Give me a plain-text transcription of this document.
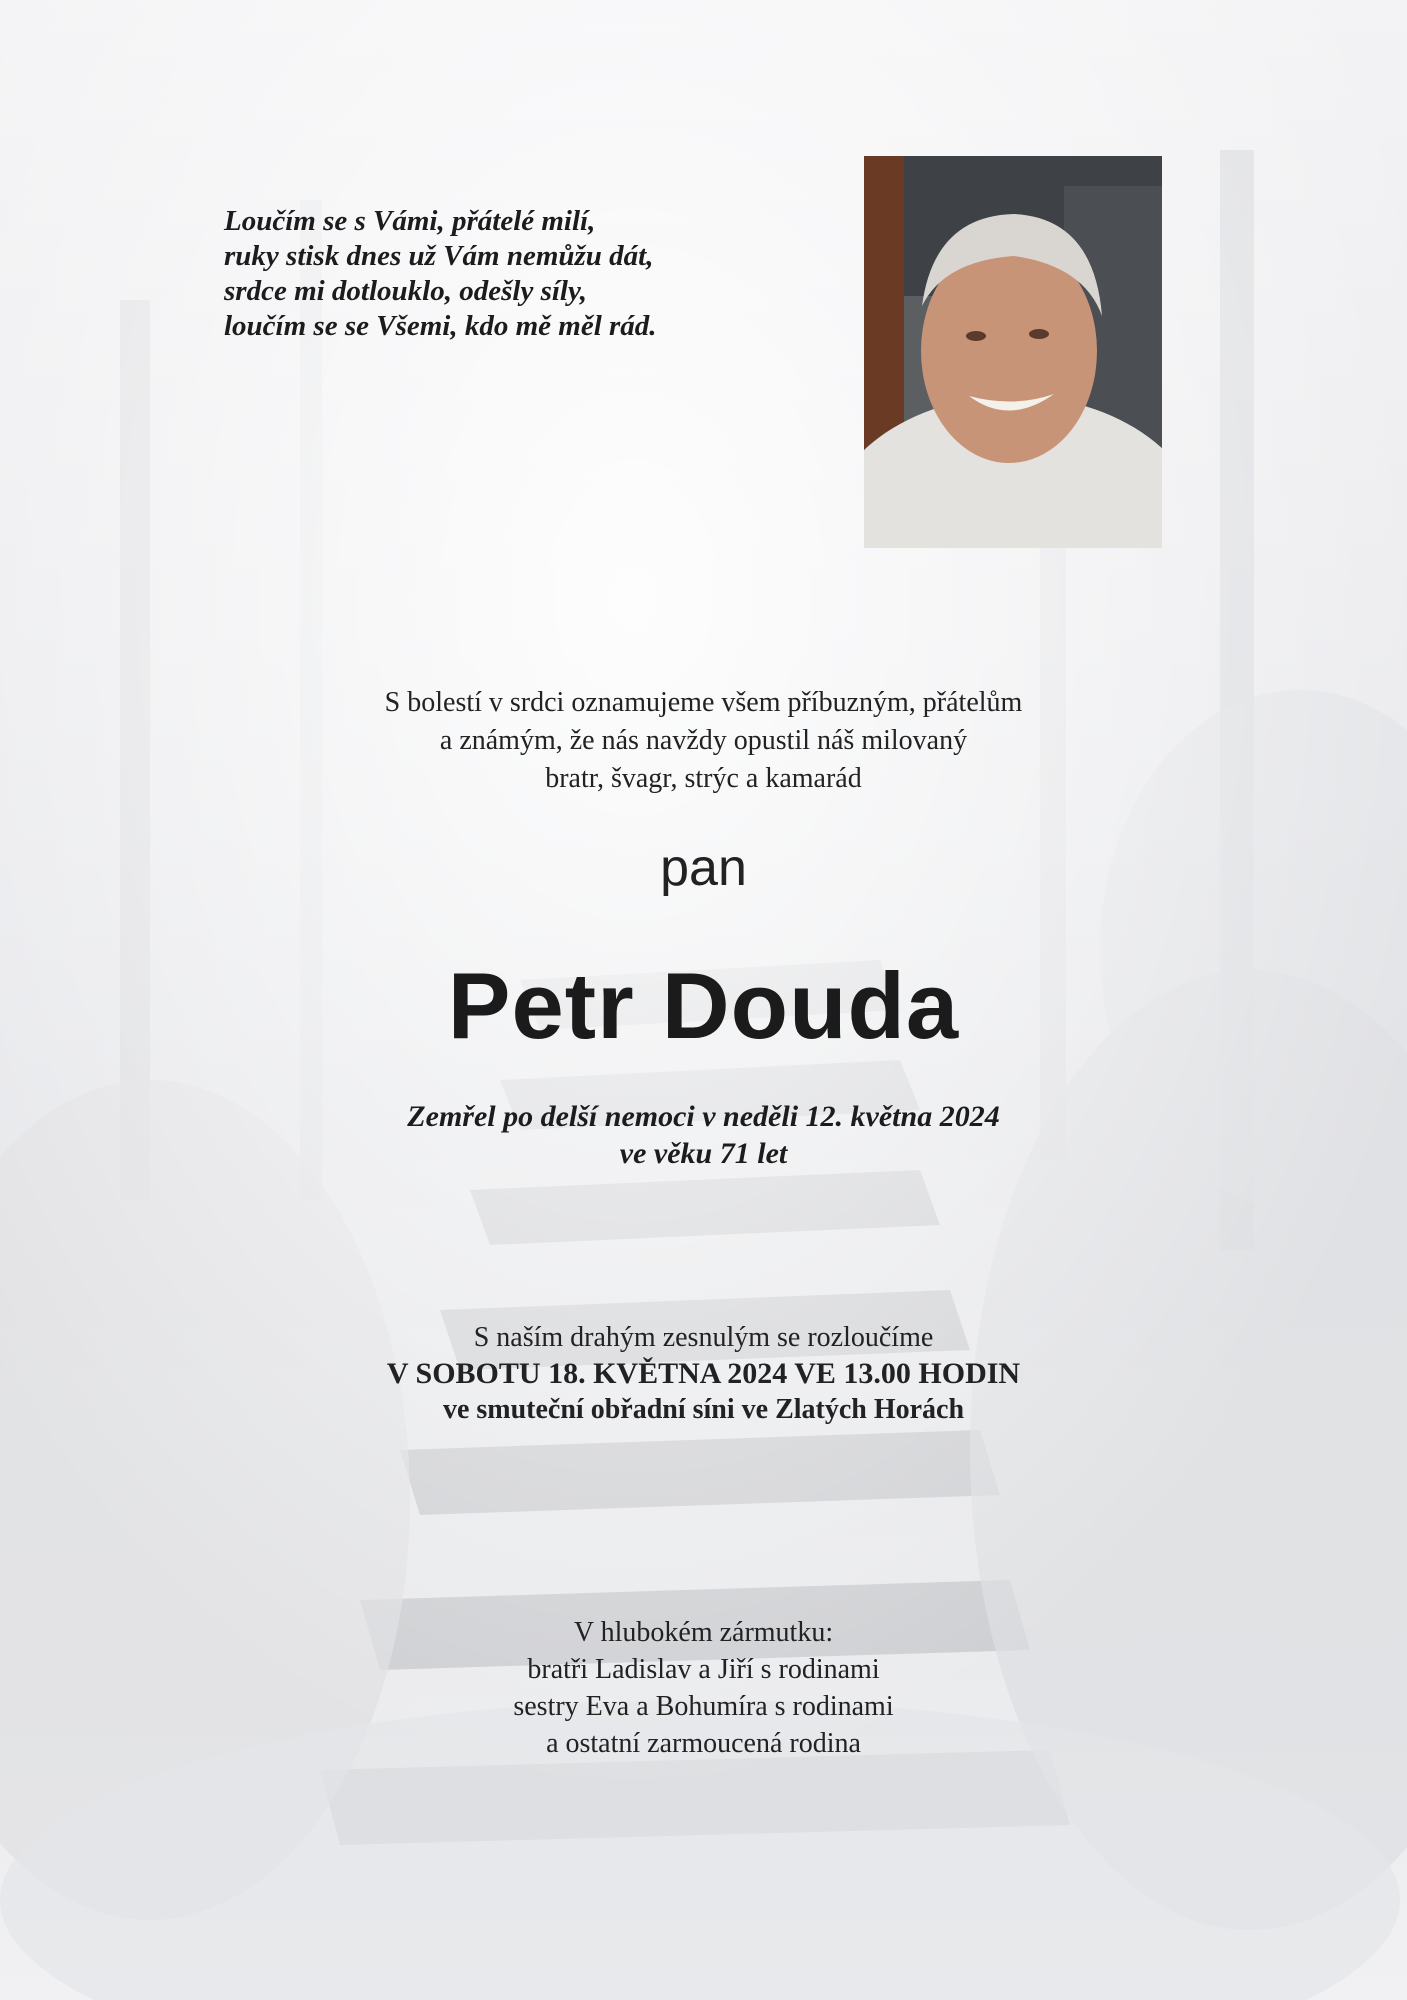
Loučím se s Vámi, přátelé milí,
ruky stisk dnes už Vám nemůžu dát,
srdce mi dotlouklo, odešly síly,
loučím se se Všemi, kdo mě měl rád.
S bolestí v srdci oznamujeme všem příbuzným, přátelům
a známým, že nás navždy opustil náš milovaný
bratr, švagr, strýc a kamarád
pan
Petr Douda
Zemřel po delší nemoci v neděli 12. května 2024
ve věku 71 let
S naším drahým zesnulým se rozloučíme
V SOBOTU 18. KVĚTNA 2024 VE 13.00 HODIN
ve smuteční obřadní síni ve Zlatých Horách
V hlubokém zármutku:
bratři Ladislav a Jiří s rodinami
sestry Eva a Bohumíra s rodinami
a ostatní zarmoucená rodina
